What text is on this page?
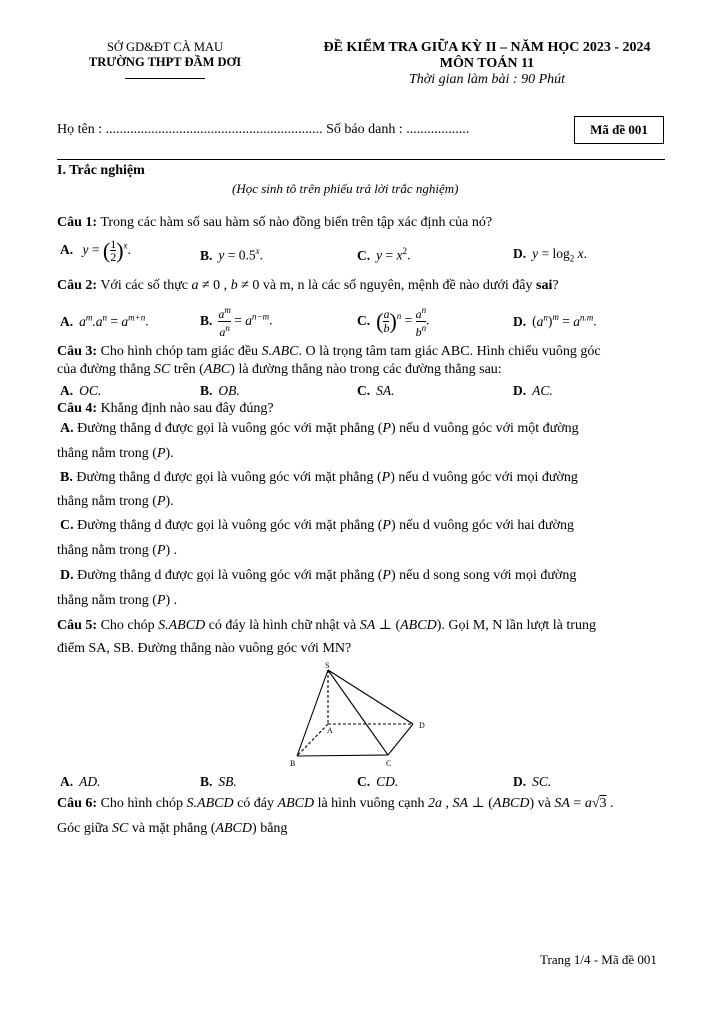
SỞ GD&ĐT CÀ MAU
TRƯỜNG THPT ĐẦM DƠI
ĐỀ KIỂM TRA GIỮA KỲ II – NĂM HỌC 2023 - 2024
MÔN TOÁN 11
Thời gian làm bài : 90 Phút
Họ tên : .............................................................. Số báo danh : ..................	Mã đề 001
I. Trắc nghiệm
(Học sinh tô trên phiếu trả lời trắc nghiệm)
Câu 1: Trong các hàm số sau hàm số nào đồng biến trên tập xác định của nó?
A. y = ( $\frac{1}{2} )^x$.	B. $y = 0.5^x$.	C. $y = x^2$.	D. $y = \log_2 x$.
Câu 2: Với các số thực a ≠ 0 , b ≠ 0 và m, n là các số nguyên, mệnh đề nào dưới đây sai?
A. $a^m.a^n = a^{m+n}$.	B. $\frac{a^m}{a^n} = a^{n-m}$.	C. ( $\frac{a}{b} )^n = \frac{a^n}{b^n}$ .	D. $(a^n)^m = a^{n.m}$.
Câu 3: Cho hình chóp tam giác đều S.ABC. O là trọng tâm tam giác ABC. Hình chiếu vuông góc
của đường thẳng SC trên (ABC) là đường thẳng nào trong các đường thẳng sau:
A. OC.	B. OB.	C. SA.	D. AC.
Câu 4: Khẳng định nào sau đây đúng?
A. Đường thẳng d được gọi là vuông góc với mặt phẳng (P) nếu d vuông góc với một đường
thẳng nằm trong (P).
B. Đường thẳng d được gọi là vuông góc với mặt phẳng (P) nếu d vuông góc với mọi đường
thẳng nằm trong (P).
C. Đường thẳng d được gọi là vuông góc với mặt phẳng (P) nếu d vuông góc với hai đường
thẳng nằm trong (P) .
D. Đường thẳng d được gọi là vuông góc với mặt phẳng (P) nếu d song song với mọi đường
thẳng nằm trong (P) .
Câu 5: Cho chóp S.ABCD có đáy là hình chữ nhật và SA ⊥ (ABCD). Gọi M, N lần lượt là trung
điểm SA, SB. Đường thẳng nào vuông góc với MN?
S
A
B	C
D
A. AD.	B. SB.	C. CD.	D. SC.
Câu 6: Cho hình chóp S.ABCD có đáy ABCD là hình vuông cạnh 2a , SA ⊥ (ABCD) và SA = a√3 .
Góc giữa SC và mặt phẳng (ABCD) bằng
Trang 1/4 - Mã đề 001
